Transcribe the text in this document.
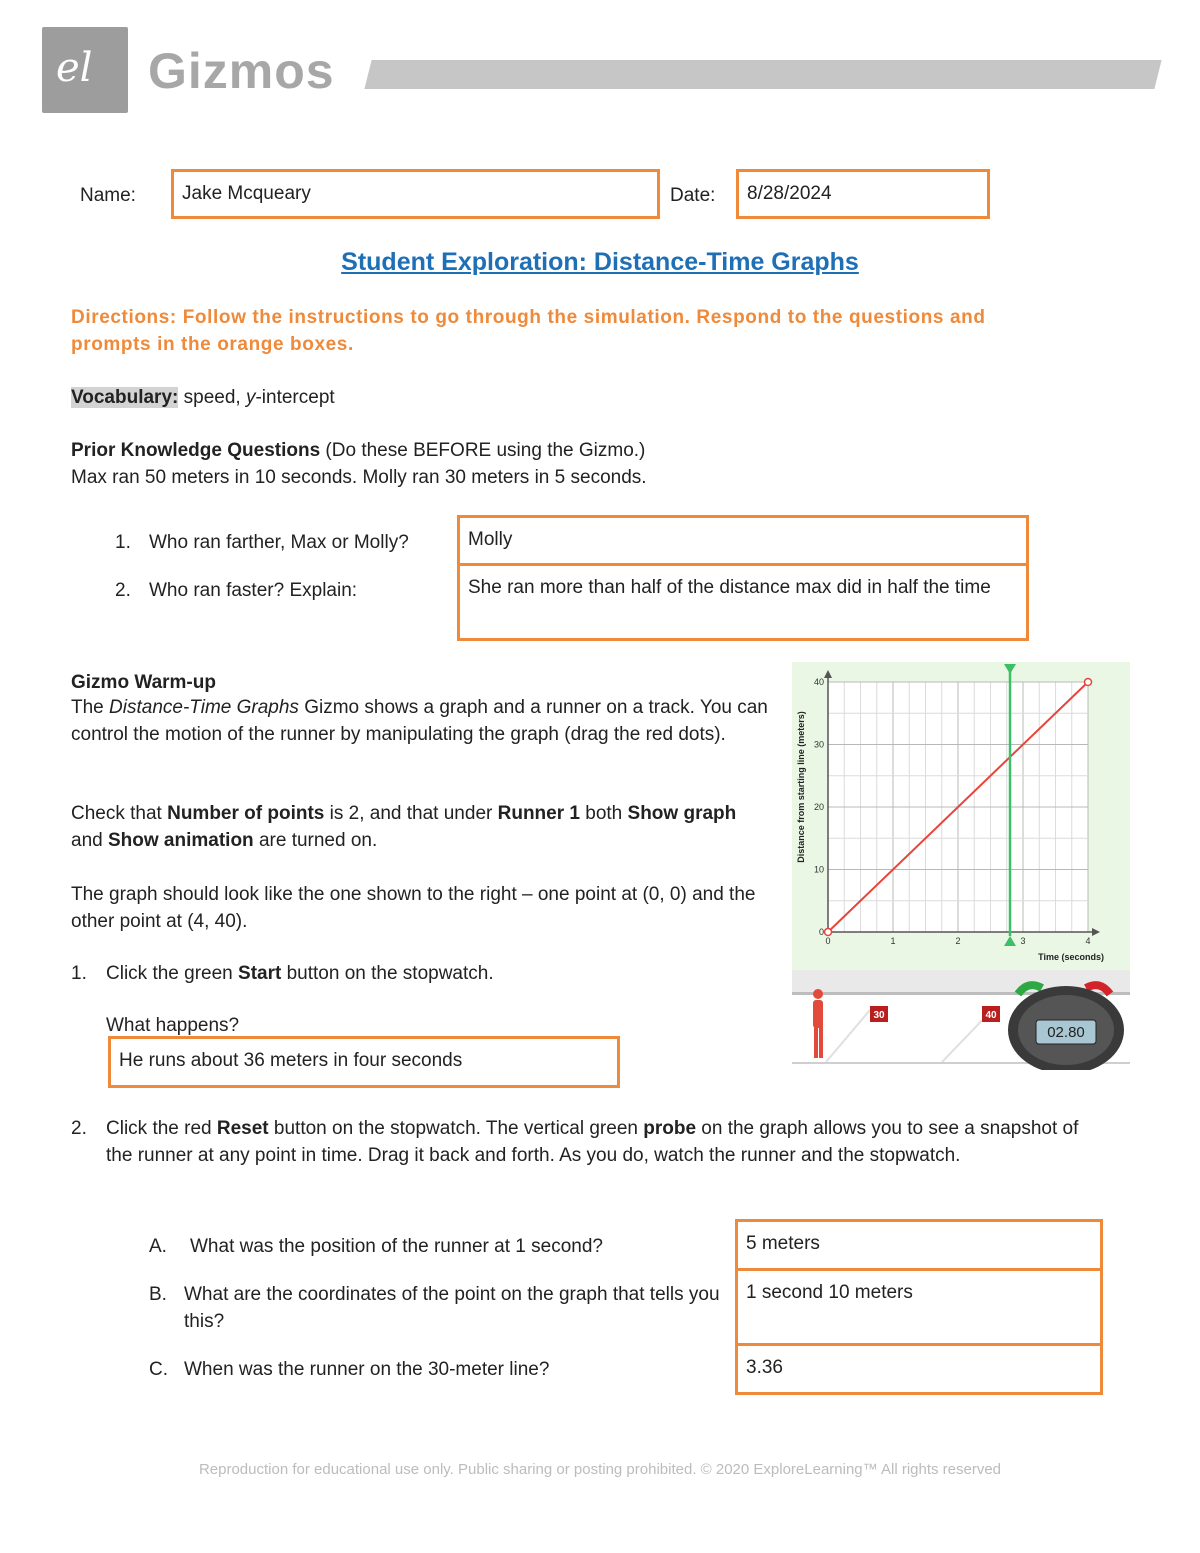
el Gizmos
Name: Jake Mcqueary	Date: 8/28/2024
Student Exploration: Distance-Time Graphs
Directions: Follow the instructions to go through the simulation. Respond to the questions and prompts in the orange boxes.
Vocabulary: speed, y-intercept
Prior Knowledge Questions (Do these BEFORE using the Gizmo.)
Max ran 50 meters in 10 seconds. Molly ran 30 meters in 5 seconds.
1. Who ran farther, Max or Molly?	Molly
2. Who ran faster? Explain:	She ran more than half of the distance max did in half the time
Gizmo Warm-up
The Distance-Time Graphs Gizmo shows a graph and a runner on a track. You can control the motion of the runner by manipulating the graph (drag the red dots).
Check that Number of points is 2, and that under Runner 1 both Show graph and Show animation are turned on.
The graph should look like the one shown to the right – one point at (0, 0) and the other point at (4, 40).
1. Click the green Start button on the stopwatch.
What happens?
He runs about 36 meters in four seconds
2. Click the red Reset button on the stopwatch. The vertical green probe on the graph allows you to see a snapshot of the runner at any point in time. Drag it back and forth. As you do, watch the runner and the stopwatch.
A. What was the position of the runner at 1 second?	5 meters
B. What are the coordinates of the point on the graph that tells you this?
1 second 10 meters
C. When was the runner on the 30-meter line?	3.36
0	1	2	3	4
0
10
20
30
40
Time (seconds)
Distance from starting line (meters)
30	40
02.80
Reproduction for educational use only. Public sharing or posting prohibited. © 2020 ExploreLearning™ All rights reserved
